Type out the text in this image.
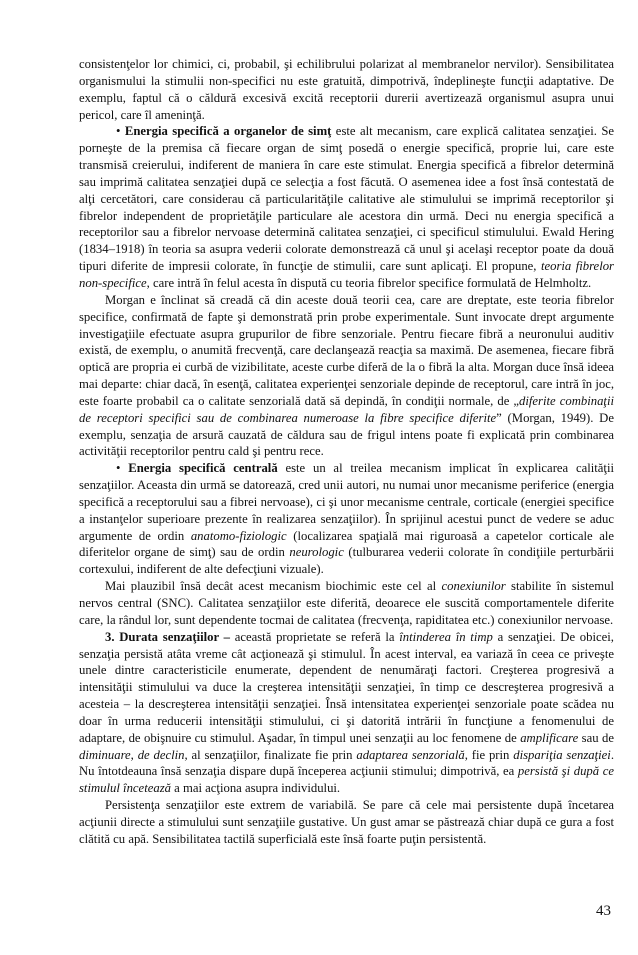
consistenţelor lor chimici, ci, probabil, şi echilibrului polarizat al membranelor nervilor). Sensibilitatea organismului la stimulii non-specifici nu este gratuită, dimpotrivă, îndeplineşte funcţii adaptative. De exemplu, faptul că o căldură excesivă excită receptorii durerii avertizează organismul asupra unui pericol, care îl ameninţă.

• Energia specifică a organelor de simţ este alt mecanism, care explică calitatea senzaţiei. Se porneşte de la premisa că fiecare organ de simţ posedă o energie specifică, proprie lui, care este transmisă creierului, indiferent de maniera în care este stimulat. Energia specifică a fibrelor determină sau imprimă calitatea senzaţiei după ce selecţia a fost făcută. O asemenea idee a fost însă contestată de alţi cercetători, care considerau că particularităţile calitative ale stimulului se imprimă receptorilor şi fibrelor independent de proprietăţile particulare ale acestora din urmă. Deci nu energia specifică a receptorilor sau a fibrelor nervoase determină calitatea senzaţiei, ci specificul stimulului. Ewald Hering (1834–1918) în teoria sa asupra vederii colorate demonstrează că unul şi acelaşi receptor poate da două tipuri diferite de impresii colorate, în funcţie de stimulii, care sunt aplicaţi. El propune, teoria fibrelor non-specifice, care intră în felul acesta în dispută cu teoria fibrelor specifice formulată de Helmholtz.

Morgan e înclinat să creadă că din aceste două teorii cea, care are dreptate, este teoria fibrelor specifice, confirmată de fapte şi demonstrată prin probe experimentale. Sunt invocate drept argumente investigaţiile efectuate asupra grupurilor de fibre senzoriale. Pentru fiecare fibră a neuronului auditiv există, de exemplu, o anumită frecvenţă, care declanşează reacţia sa maximă. De asemenea, fiecare fibră optică are propria ei curbă de vizibilitate, aceste curbe diferă de la o fibră la alta. Morgan duce însă ideea mai departe: chiar dacă, în esenţă, calitatea experienţei senzoriale depinde de receptorul, care intră în joc, este foarte probabil ca o calitate senzorială dată să depindă, în condiţii normale, de „diferite combinaţii de receptori specifici sau de combinarea numeroase la fibre specifice diferite” (Morgan, 1949). De exemplu, senzaţia de arsură cauzată de căldura sau de frigul intens poate fi explicată prin combinarea activităţii receptorilor pentru cald şi pentru rece.

• Energia specifică centrală este un al treilea mecanism implicat în explicarea calităţii senzaţiilor. Aceasta din urmă se datorează, cred unii autori, nu numai unor mecanisme periferice (energia specifică a receptorului sau a fibrei nervoase), ci şi unor mecanisme centrale, corticale (energiei specifice a instanţelor superioare prezente în realizarea senzaţiilor). În sprijinul acestui punct de vedere se aduc argumente de ordin anatomo-fiziologic (localizarea spaţială mai riguroasă a capetelor corticale ale diferitelor organe de simţ) sau de ordin neurologic (tulburarea vederii colorate în condiţiile perturbării cortexului, indiferent de alte defecţiuni vizuale).

Mai plauzibil însă decât acest mecanism biochimic este cel al conexiunilor stabilite în sistemul nervos central (SNC). Calitatea senzaţiilor este diferită, deoarece ele suscită comportamentele diferite care, la rândul lor, sunt dependente tocmai de calitatea (frecvenţa, rapiditatea etc.) conexiunilor nervoase.

3. Durata senzaţiilor – această proprietate se referă la întinderea în timp a senzaţiei. De obicei, senzaţia persistă atâta vreme cât acţionează şi stimulul. În acest interval, ea variază în ceea ce priveşte unele dintre caracteristicile enumerate, dependent de nenumăraţi factori. Creşterea progresivă a intensităţii stimulului va duce la creşterea intensităţii senzaţiei, în timp ce descreşterea progresivă a acesteia – la descreşterea intensităţii senzaţiei. Însă intensitatea experienţei senzoriale poate scădea nu doar în urma reducerii intensităţii stimulului, ci şi datorită intrării în funcţiune a fenomenului de adaptare, de obişnuire cu stimulul. Aşadar, în timpul unei senzaţii au loc fenomene de amplificare sau de diminuare, de declin, al senzaţiilor, finalizate fie prin adaptarea senzorială, fie prin dispariţia senzaţiei. Nu întotdeauna însă senzaţia dispare după începerea acţiunii stimului; dimpotrivă, ea persistă şi după ce stimulul încetează a mai acţiona asupra individului.

Persistenţa senzaţiilor este extrem de variabilă. Se pare că cele mai persistente după încetarea acţiunii directe a stimulului sunt senzaţiile gustative. Un gust amar se păstrează chiar după ce gura a fost clătită cu apă. Sensibilitatea tactilă superficială este însă foarte puţin persistentă.

43
